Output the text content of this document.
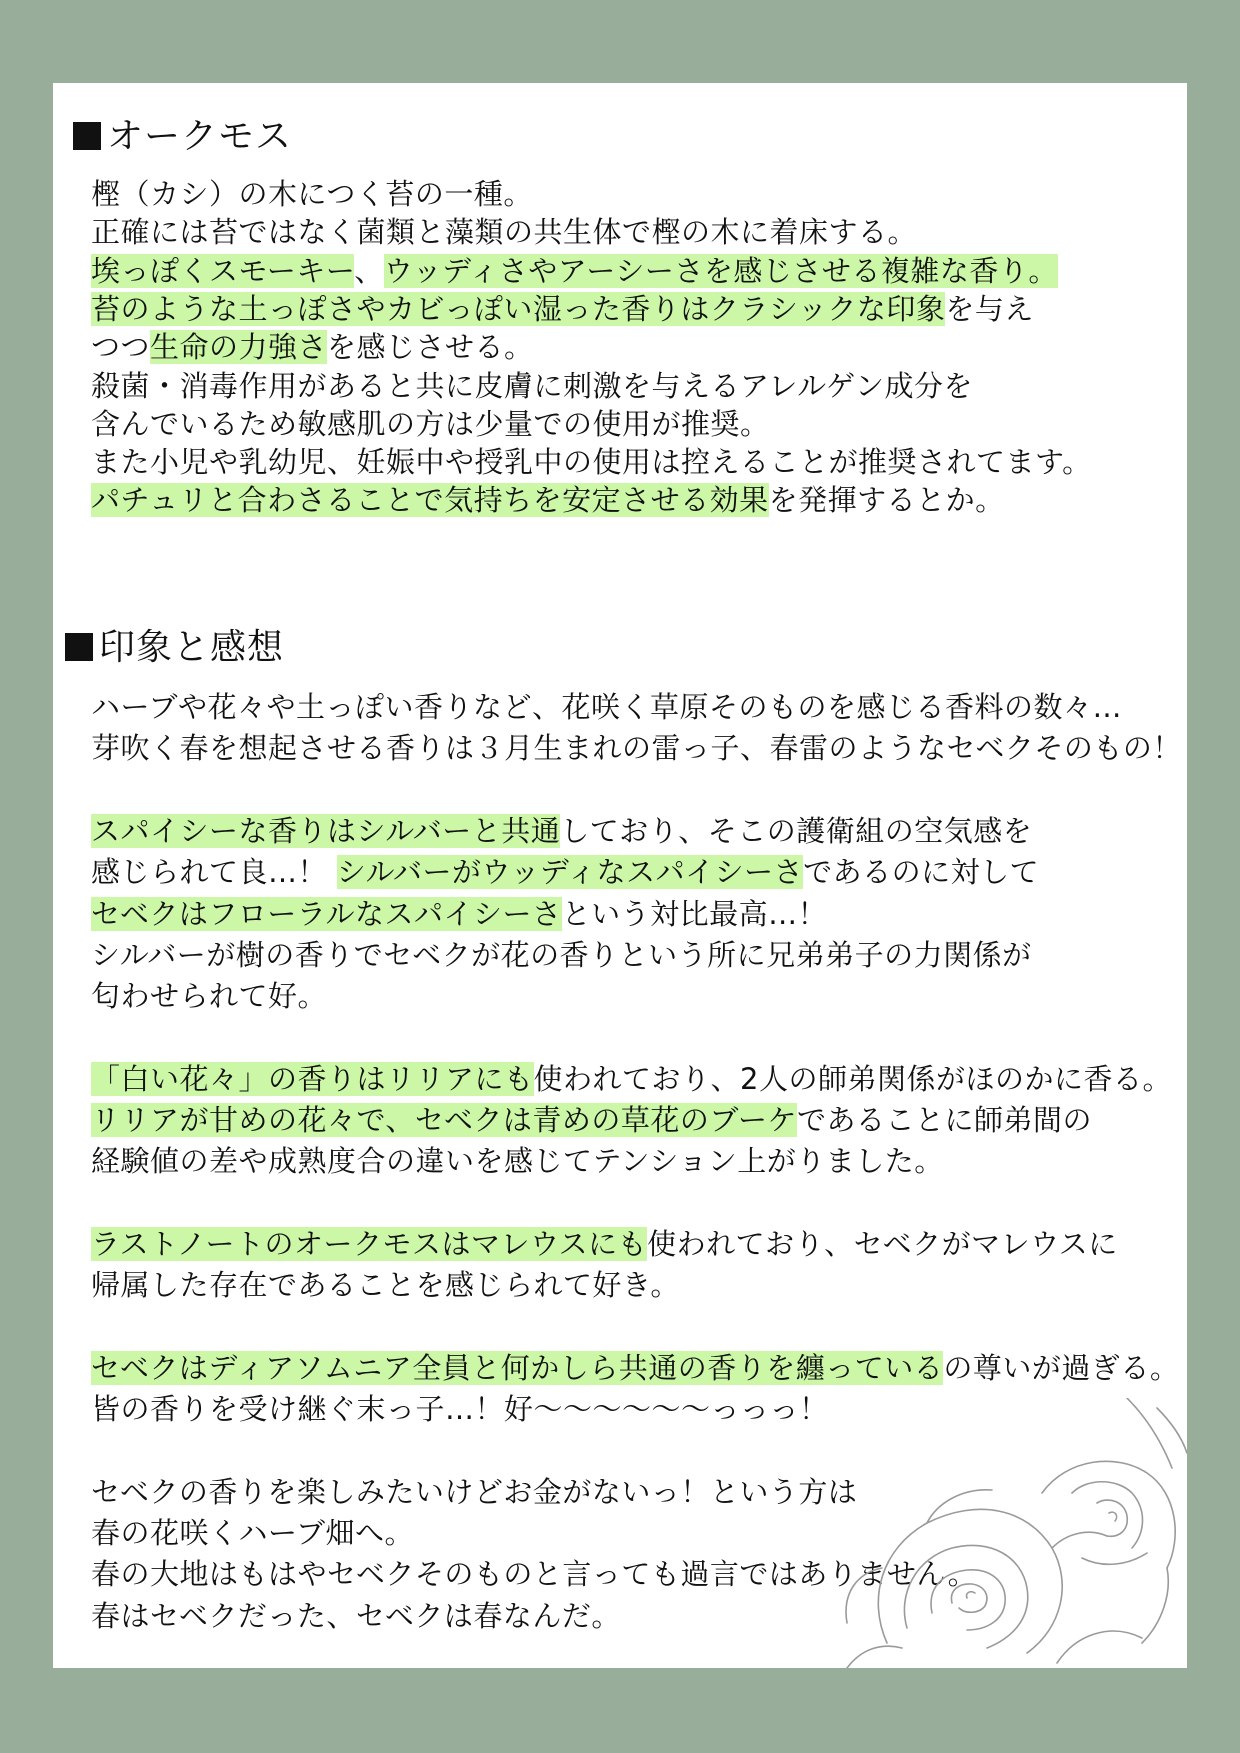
オークモス
樫（カシ）の木につく苔の一種。
正確には苔ではなく菌類と藻類の共生体で樫の木に着床する。
埃っぽくスモーキー、ウッディさやアーシーさを感じさせる複雑な香り。
苔のような土っぽさやカビっぽい湿った香りはクラシックな印象を与え
つつ生命の力強さを感じさせる。
殺菌・消毒作用があると共に皮膚に刺激を与えるアレルゲン成分を
含んでいるため敏感肌の方は少量での使用が推奨。
また小児や乳幼児、妊娠中や授乳中の使用は控えることが推奨されてます。
パチュリと合わさることで気持ちを安定させる効果を発揮するとか。
印象と感想
ハーブや花々や土っぽい香りなど、花咲く草原そのものを感じる香料の数々…
芽吹く春を想起させる香りは３月生まれの雷っ子、春雷のようなセベクそのもの！
スパイシーな香りはシルバーと共通しており、そこの護衛組の空気感を
感じられて良…！ シルバーがウッディなスパイシーさであるのに対して
セベクはフローラルなスパイシーさという対比最高…！
シルバーが樹の香りでセベクが花の香りという所に兄弟弟子の力関係が
匂わせられて好。
「白い花々」の香りはリリアにも使われており、2人の師弟関係がほのかに香る。
リリアが甘めの花々で、セベクは青めの草花のブーケであることに師弟間の
経験値の差や成熟度合の違いを感じてテンション上がりました。
ラストノートのオークモスはマレウスにも使われており、セベクがマレウスに
帰属した存在であることを感じられて好き。
セベクはディアソムニア全員と何かしら共通の香りを纏っているの尊いが過ぎる。
皆の香りを受け継ぐ末っ子…！好～～～～～～っっっ！
セベクの香りを楽しみたいけどお金がないっ！という方は
春の花咲くハーブ畑へ。
春の大地はもはやセベクそのものと言っても過言ではありません。
春はセベクだった、セベクは春なんだ。
